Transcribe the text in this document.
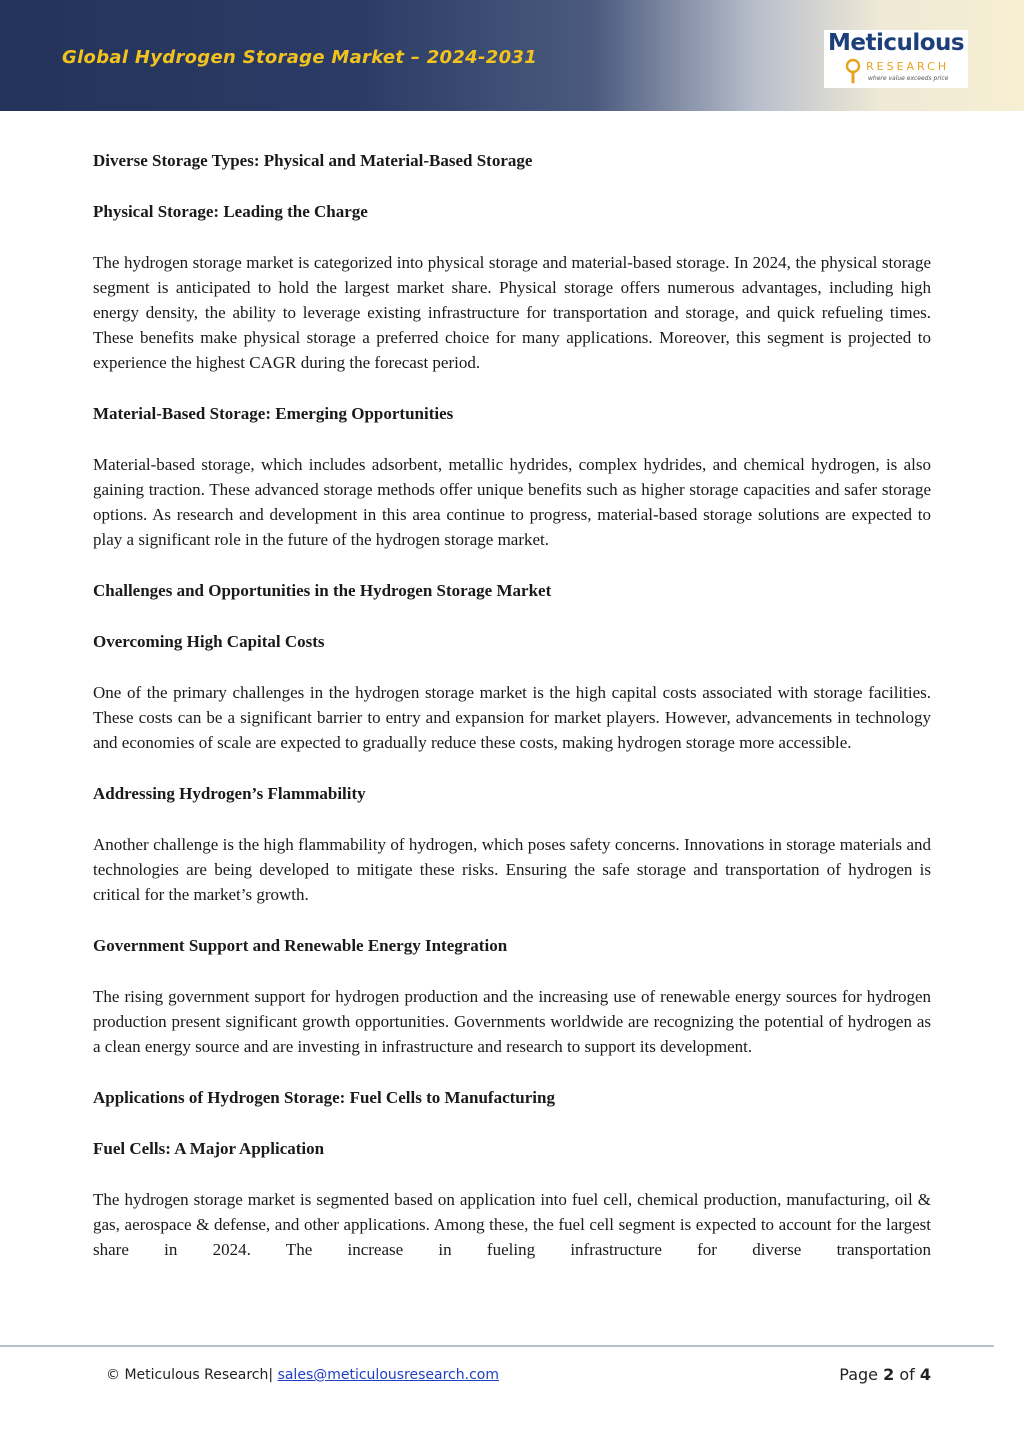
Global Hydrogen Storage Market – 2024-2031
Meticulous
RESEARCH
where value exceeds price
Diverse Storage Types: Physical and Material-Based Storage
Physical Storage: Leading the Charge
The hydrogen storage market is categorized into physical storage and material-based storage. In 2024, the physical storage segment is anticipated to hold the largest market share. Physical storage offers numerous advantages, including high energy density, the ability to leverage existing infrastructure for transportation and storage, and quick refueling times. These benefits make physical storage a preferred choice for many applications. Moreover, this segment is projected to experience the highest CAGR during the forecast period.
Material-Based Storage: Emerging Opportunities
Material-based storage, which includes adsorbent, metallic hydrides, complex hydrides, and chemical hydrogen, is also gaining traction. These advanced storage methods offer unique benefits such as higher storage capacities and safer storage options. As research and development in this area continue to progress, material-based storage solutions are expected to play a significant role in the future of the hydrogen storage market.
Challenges and Opportunities in the Hydrogen Storage Market
Overcoming High Capital Costs
One of the primary challenges in the hydrogen storage market is the high capital costs associated with storage facilities. These costs can be a significant barrier to entry and expansion for market players. However, advancements in technology and economies of scale are expected to gradually reduce these costs, making hydrogen storage more accessible.
Addressing Hydrogen’s Flammability
Another challenge is the high flammability of hydrogen, which poses safety concerns. Innovations in storage materials and technologies are being developed to mitigate these risks. Ensuring the safe storage and transportation of hydrogen is critical for the market’s growth.
Government Support and Renewable Energy Integration
The rising government support for hydrogen production and the increasing use of renewable energy sources for hydrogen production present significant growth opportunities. Governments worldwide are recognizing the potential of hydrogen as a clean energy source and are investing in infrastructure and research to support its development.
Applications of Hydrogen Storage: Fuel Cells to Manufacturing
Fuel Cells: A Major Application
The hydrogen storage market is segmented based on application into fuel cell, chemical production, manufacturing, oil & gas, aerospace & defense, and other applications. Among these, the fuel cell segment is expected to account for the largest share in 2024. The increase in fueling infrastructure for diverse transportation
© Meticulous Research| sales@meticulousresearch.com	Page 2 of 4
